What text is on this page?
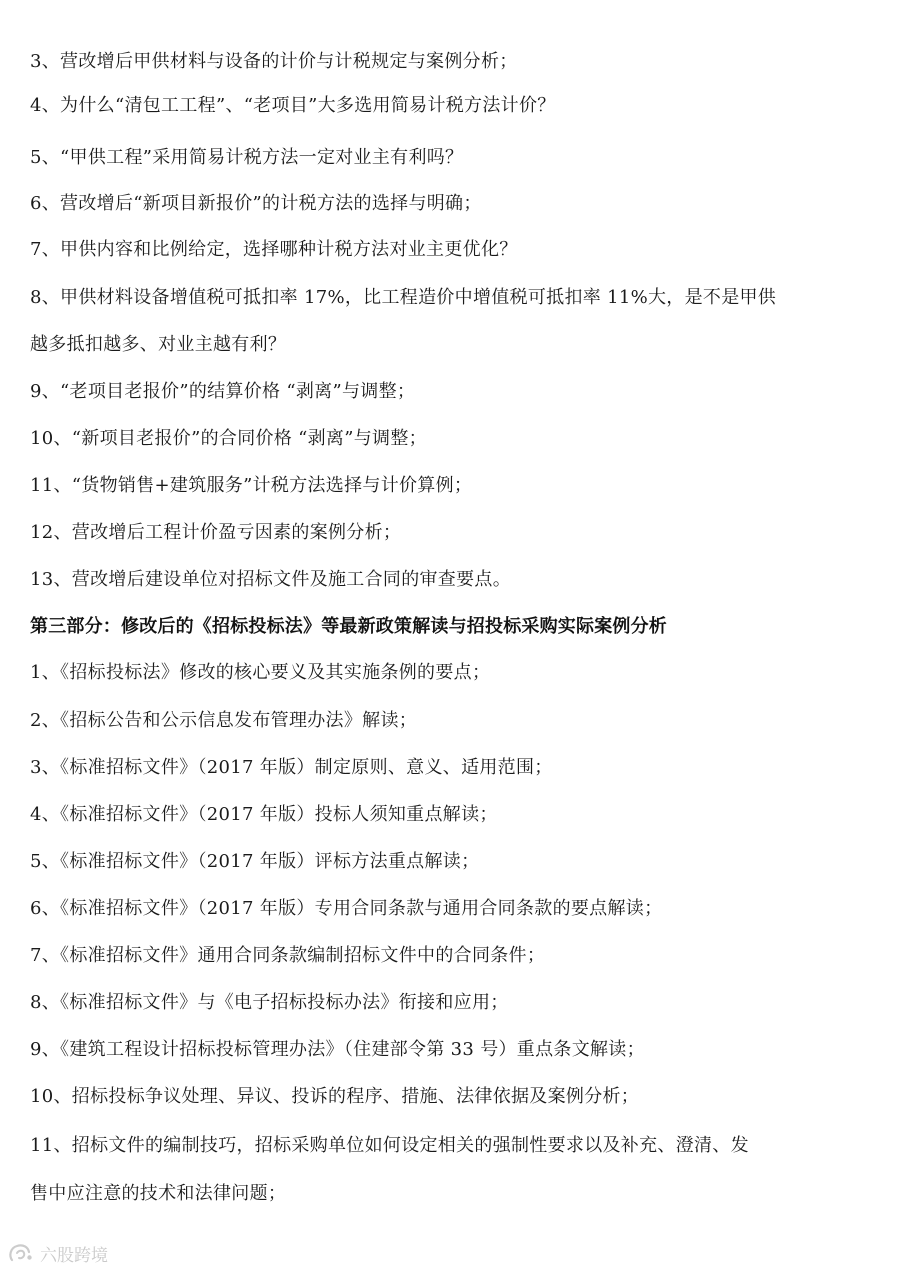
3、营改增后甲供材料与设备的计价与计税规定与案例分析；
4、为什么“清包工工程”、“老项目”大多选用简易计税方法计价？
5、“甲供工程”采用简易计税方法一定对业主有利吗？
6、营改增后“新项目新报价”的计税方法的选择与明确；
7、甲供内容和比例给定，选择哪种计税方法对业主更优化？
8、甲供材料设备增值税可抵扣率 17%，比工程造价中增值税可抵扣率 11%大，是不是甲供
越多抵扣越多、对业主越有利？
9、“老项目老报价”的结算价格 “剥离”与调整；
10、“新项目老报价”的合同价格 “剥离”与调整；
11、“货物销售+建筑服务”计税方法选择与计价算例；
12、营改增后工程计价盈亏因素的案例分析；
13、营改增后建设单位对招标文件及施工合同的审查要点。
第三部分：修改后的《招标投标法》等最新政策解读与招投标采购实际案例分析
1、《招标投标法》修改的核心要义及其实施条例的要点；
2、《招标公告和公示信息发布管理办法》解读；
3、《标准招标文件》（2017 年版）制定原则、意义、适用范围；
4、《标准招标文件》（2017 年版）投标人须知重点解读；
5、《标准招标文件》（2017 年版）评标方法重点解读；
6、《标准招标文件》（2017 年版）专用合同条款与通用合同条款的要点解读；
7、《标准招标文件》通用合同条款编制招标文件中的合同条件；
8、《标准招标文件》与《电子招标投标办法》衔接和应用；
9、《建筑工程设计招标投标管理办法》（住建部令第 33 号）重点条文解读；
10、招标投标争议处理、异议、投诉的程序、措施、法律依据及案例分析；
11、招标文件的编制技巧，招标采购单位如何设定相关的强制性要求以及补充、澄清、发
售中应注意的技术和法律问题；
六股跨境
